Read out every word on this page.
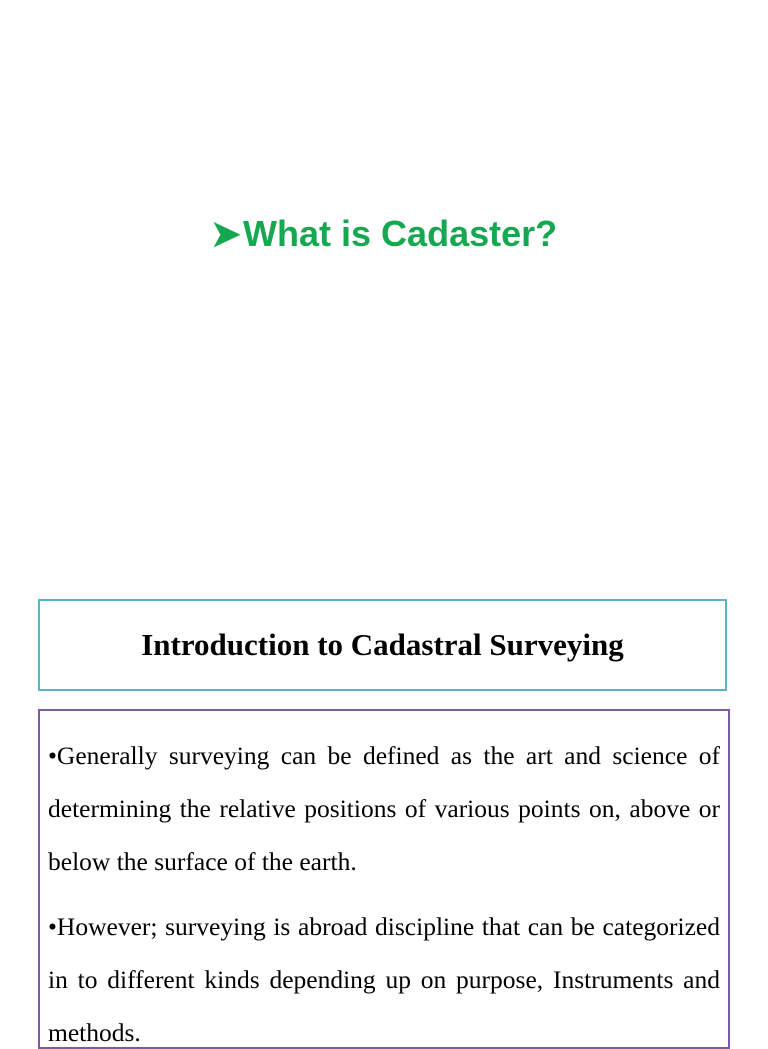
➤What is Cadaster?
Introduction to Cadastral Surveying

•Generally surveying can be defined as the art and science of determining the relative positions of various points on, above or below the surface of the earth.

•However; surveying is abroad discipline that can be categorized in to different kinds depending up on purpose, Instruments and methods.
